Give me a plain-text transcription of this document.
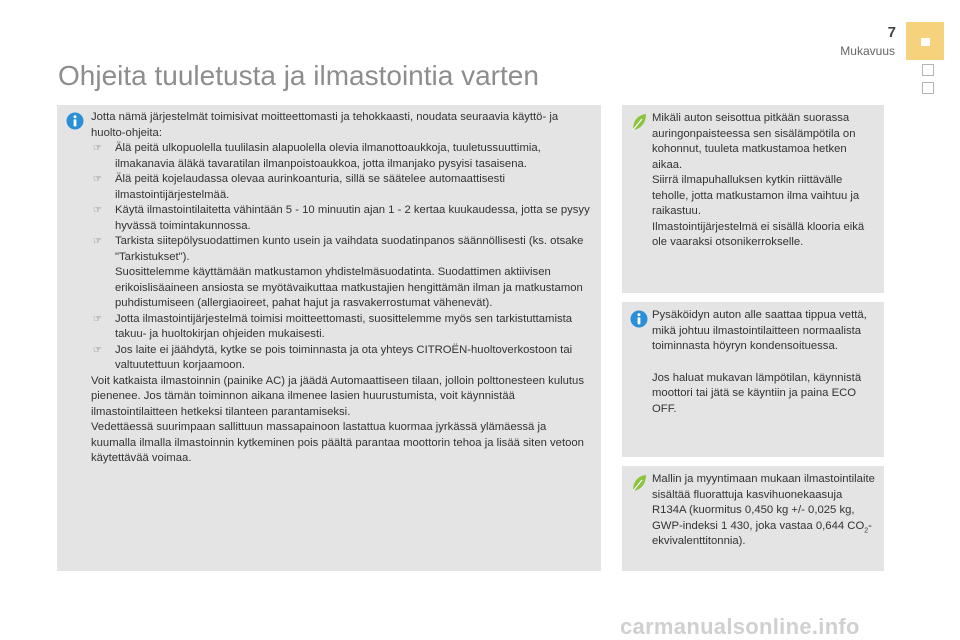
7
Mukavuus
Ohjeita tuuletusta ja ilmastointia varten

Jotta nämä järjestelmät toimisivat moitteettomasti ja tehokkaasti, noudata seuraavia käyttö- ja huolto-ohjeita:

☞ Älä peitä ulkopuolella tuulilasin alapuolella olevia ilmanottoaukkoja, tuuletussuuttimia, ilmakanavia äläkä tavaratilan ilmanpoistoaukkoa, jotta ilmanjako pysyisi tasaisena.
☞ Älä peitä kojelaudassa olevaa aurinkoanturia, sillä se säätelee automaattisesti ilmastointijärjestelmää.
☞ Käytä ilmastointilaitetta vähintään 5 - 10 minuutin ajan 1 - 2 kertaa kuukaudessa, jotta se pysyy hyvässä toimintakunnossa.
☞ Tarkista siitepölysuodattimen kunto usein ja vaihdata suodatinpanos säännöllisesti (ks. otsake "Tarkistukset").
Suosittelemme käyttämään matkustamon yhdistelmäsuodatinta. Suodattimen aktiivisen erikoislisäaineen ansiosta se myötävaikuttaa matkustajien hengittämän ilman ja matkustamon puhdistumiseen (allergiaoireet, pahat hajut ja rasvakerrostumat vähenevät).
☞ Jotta ilmastointijärjestelmä toimisi moitteettomasti, suosittelemme myös sen tarkistuttamista takuu- ja huoltokirjan ohjeiden mukaisesti.
☞ Jos laite ei jäähdytä, kytke se pois toiminnasta ja ota yhteys CITROËN-huoltoverkostoon tai valtuutettuun korjaamoon.

Voit katkaista ilmastoinnin (painike AC) ja jäädä Automaattiseen tilaan, jolloin polttonesteen kulutus pienenee. Jos tämän toiminnon aikana ilmenee lasien huurustumista, voit käynnistää ilmastointilaitteen hetkeksi tilanteen parantamiseksi.

Vedettäessä suurimpaan sallittuun massapainoon lastattua kuormaa jyrkässä ylämäessä ja kuumalla ilmalla ilmastoinnin kytkeminen pois päältä parantaa moottorin tehoa ja lisää siten vetoon käytettävää voimaa.

Mikäli auton seisottua pitkään suorassa auringonpaisteessa sen sisälämpötila on kohonnut, tuuleta matkustamoa hetken aikaa.

Siirrä ilmapuhalluksen kytkin riittävälle teholle, jotta matkustamon ilma vaihtuu ja raikastuu.

Ilmastointijärjestelmä ei sisällä klooria eikä ole vaaraksi otsonikerrokselle.

Pysäköidyn auton alle saattaa tippua vettä, mikä johtuu ilmastointilaitteen normaalista toiminnasta höyryn kondensoituessa.

Jos haluat mukavan lämpötilan, käynnistä moottori tai jätä se käyntiin ja paina ECO OFF.

Mallin ja myyntimaan mukaan ilmastointilaite sisältää fluorattuja kasvihuonekaasuja R134A (kuormitus 0,450 kg +/- 0,025 kg, GWP-indeksi 1 430, joka vastaa 0,644 $CO_2-ekvivalenttitonnia$).

carmanualsonline.info
